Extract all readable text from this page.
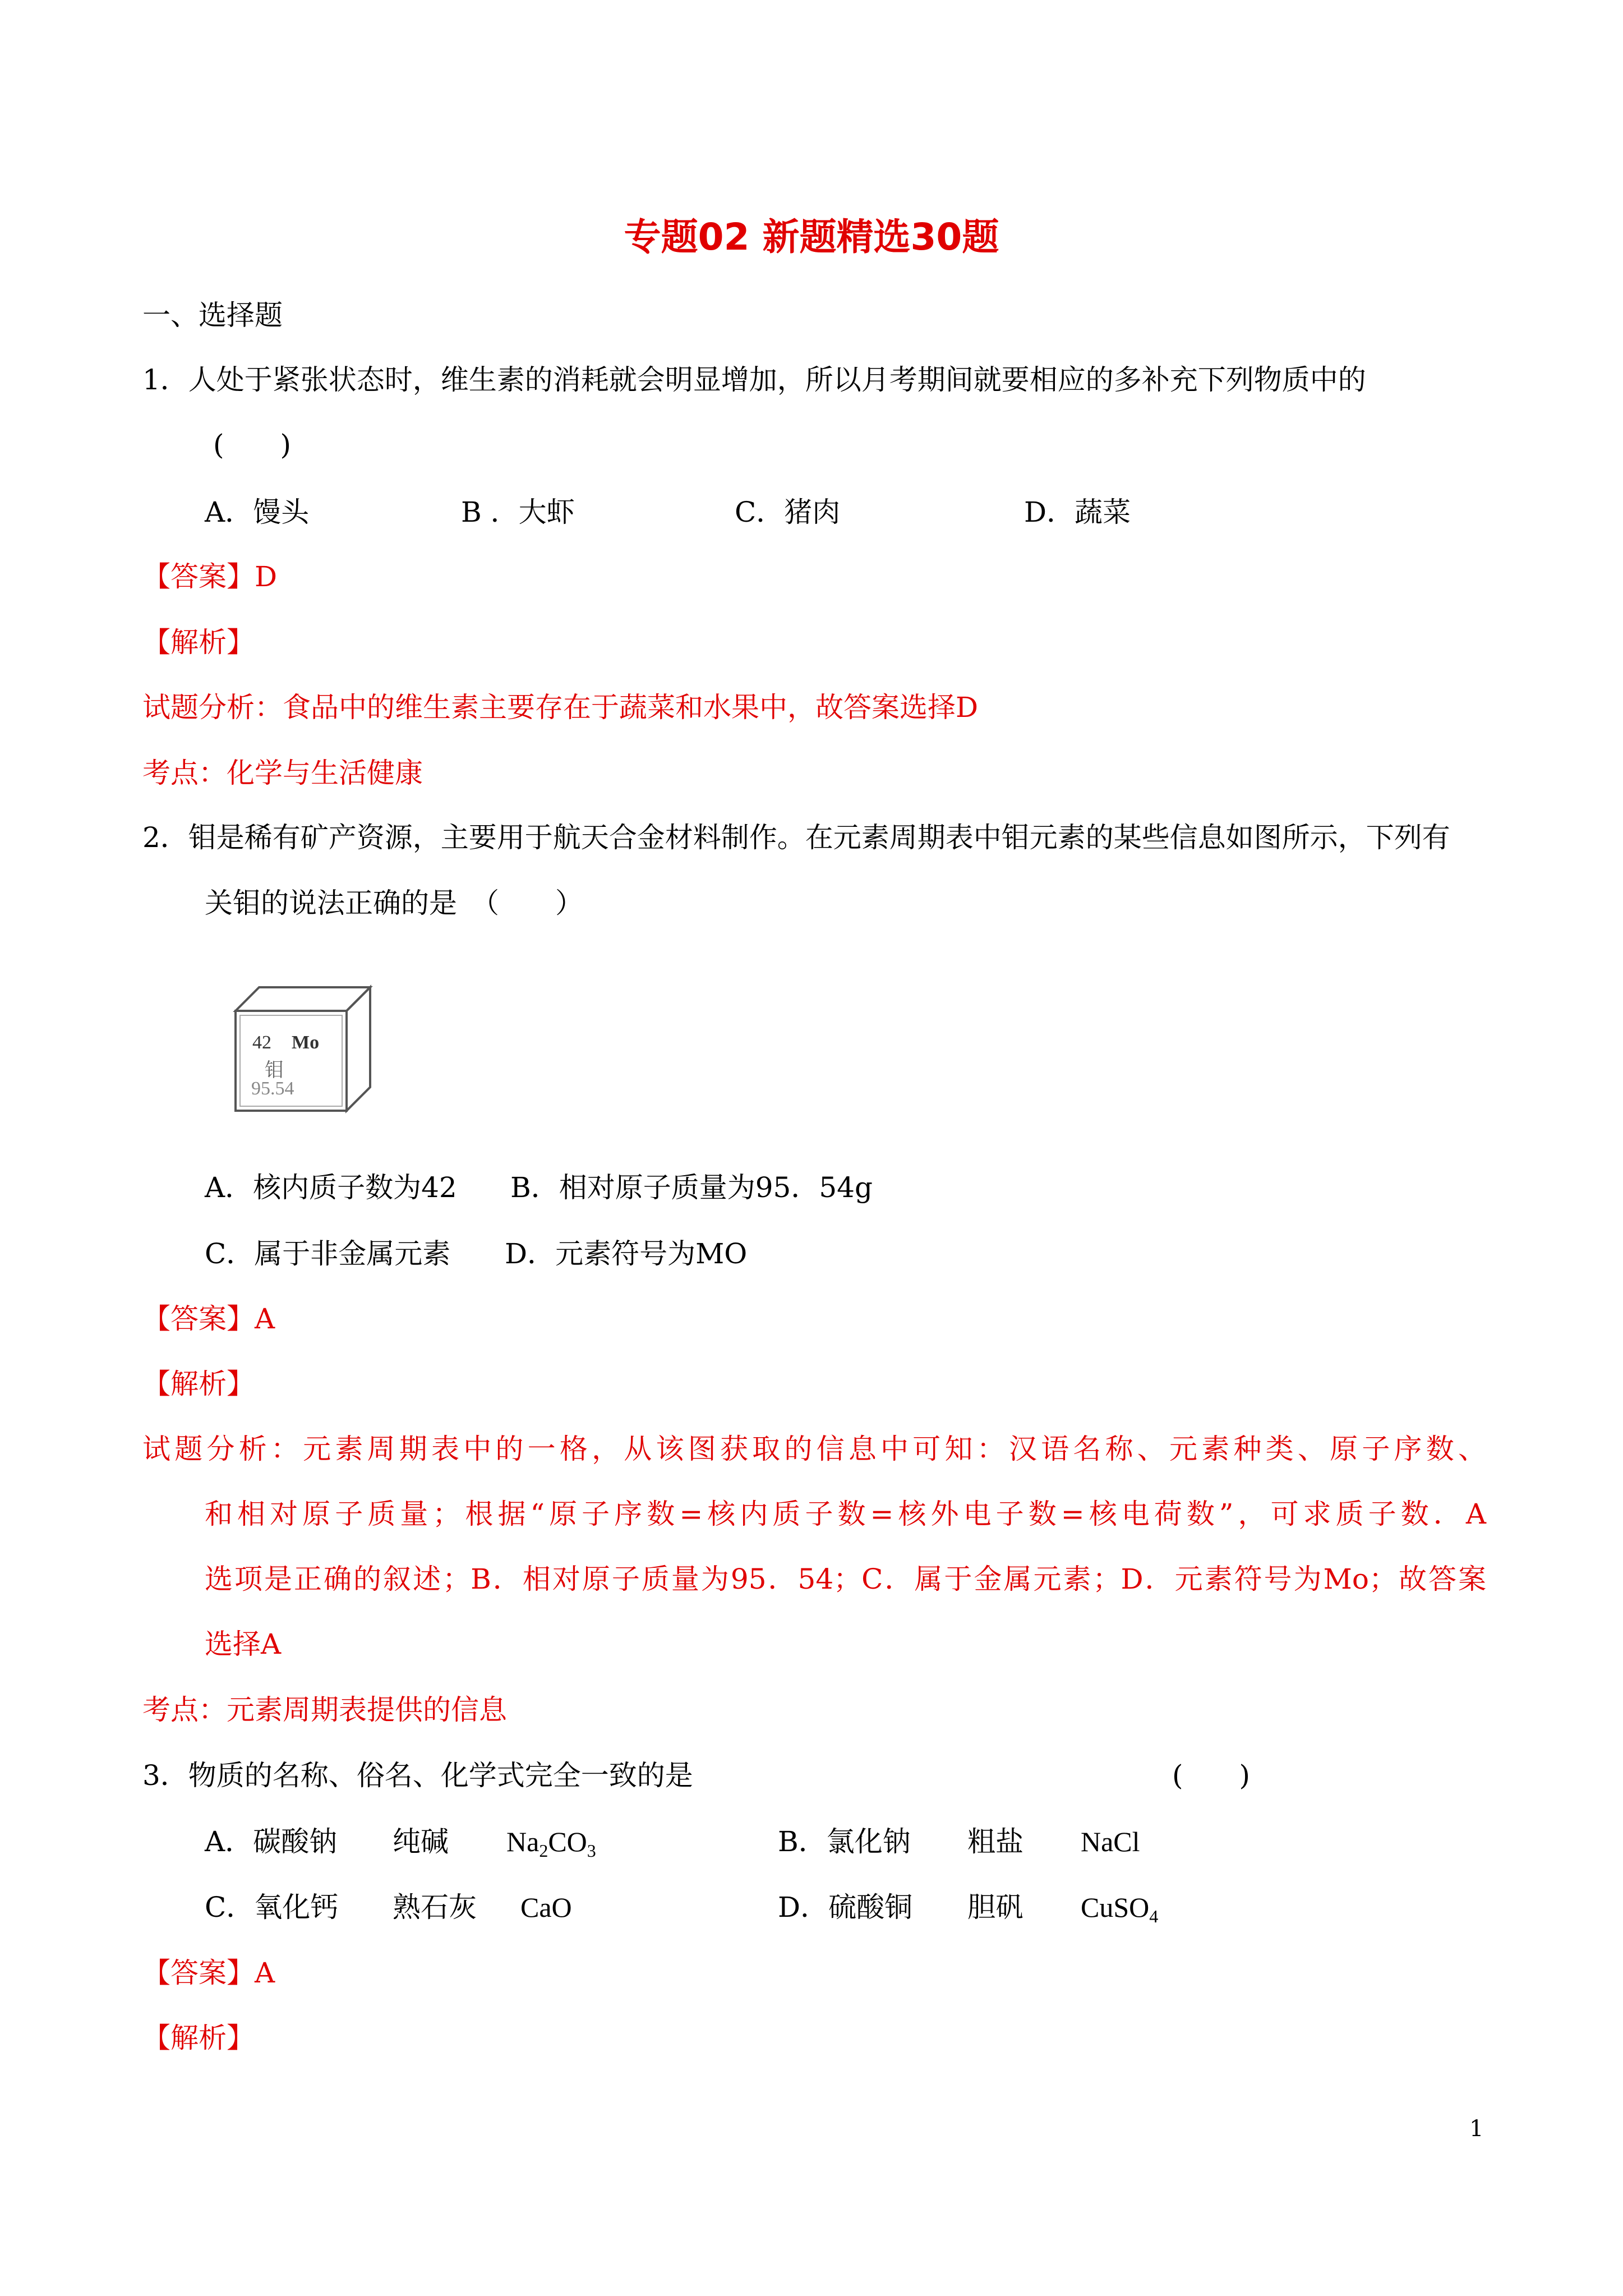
专题02 新题精选30题
一、选择题
1．人处于紧张状态时，维生素的消耗就会明显增加，所以月考期间就要相应的多补充下列物质中的
(　　)
A．馒头	B ．大虾	C．猪肉	D．蔬菜
【答案】D
【解析】
试题分析：食品中的维生素主要存在于蔬菜和水果中，故答案选择D
考点：化学与生活健康
2．钼是稀有矿产资源，主要用于航天合金材料制作。在元素周期表中钼元素的某些信息如图所示，下列有
关钼的说法正确的是　（　　）
42 Mo
钼
95.54
A．核内质子数为42 B．相对原子质量为95．54g
C．属于非金属元素 D．元素符号为MO
【答案】A
【解析】
试题分析：元素周期表中的一格，从该图获取的信息中可知：汉语名称、元素种类、原子序数、
和相对原子质量；根据“原子序数=核内质子数=核外电子数=核电荷数”，可求质子数．A
选项是正确的叙述；B．相对原子质量为95．54；C．属于金属元素；D．元素符号为Mo；故答案
选择A
考点：元素周期表提供的信息
3．物质的名称、俗名、化学式完全一致的是	(　　)
A．碳酸钠 纯碱 $Na_2CO_3$	B．氯化钠 粗盐 NaCl
C．氧化钙 熟石灰 CaO	D．硫酸铜 胆矾 CuSO$_4$
【答案】A
【解析】
1
